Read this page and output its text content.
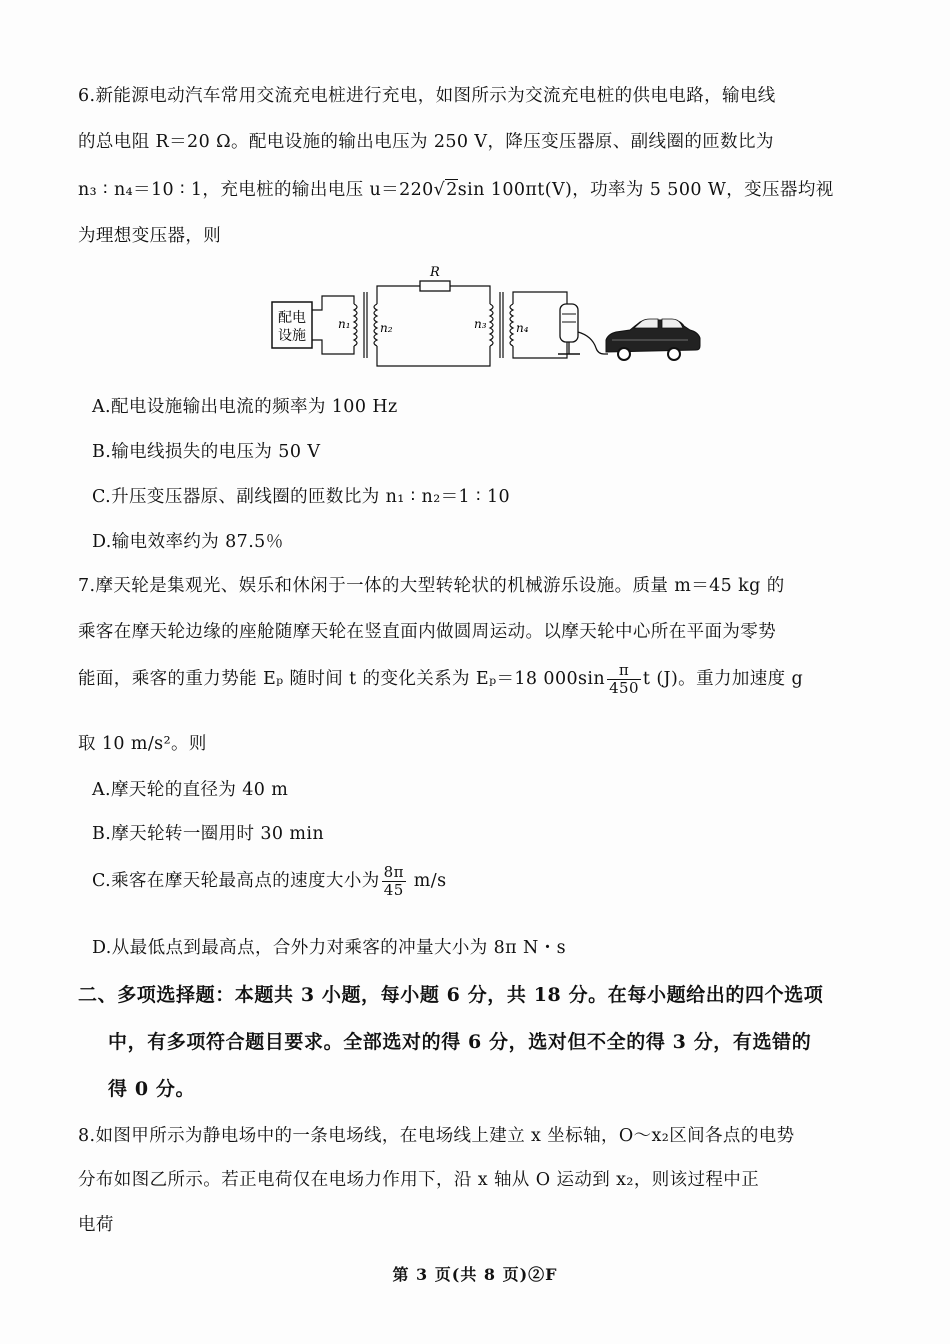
6.新能源电动汽车常用交流充电桩进行充电，如图所示为交流充电桩的供电电路，输电线
的总电阻 R＝20 Ω。配电设施的输出电压为 250 V，降压变压器原、副线圈的匝数比为
n₃ ∶ n₄＝10 ∶ 1，充电桩的输出电压 u＝220√2sin 100πt(V)，功率为 5 500 W，变压器均视
为理想变压器，则
配电
设施
n₁ n₂
R
n₃ n₄
A.配电设施输出电流的频率为 100 Hz
B.输电线损失的电压为 50 V
C.升压变压器原、副线圈的匝数比为 n₁ ∶ n₂＝1 ∶ 10
D.输电效率约为 87.5％
7.摩天轮是集观光、娱乐和休闲于一体的大型转轮状的机械游乐设施。质量 m＝45 kg 的
乘客在摩天轮边缘的座舱随摩天轮在竖直面内做圆周运动。以摩天轮中心所在平面为零势
能面，乘客的重力势能 Eₚ 随时间 t 的变化关系为 Eₚ＝18 $000\sin \frac{\pi}{450}$ t (J)。重力加速度 g
取 10 m/s²。则
A.摩天轮的直径为 40 m
B.摩天轮转一圈用时 30 min
C.乘客在摩天轮最高点的速度大小为 $\frac{8\pi}{45} m/s$
D.从最低点到最高点，合外力对乘客的冲量大小为 8π N・s
二、多项选择题：本题共 3 小题，每小题 6 分，共 18 分。在每小题给出的四个选项
中，有多项符合题目要求。全部选对的得 6 分，选对但不全的得 3 分，有选错的
得 0 分。
8.如图甲所示为静电场中的一条电场线，在电场线上建立 x 坐标轴，O～x₂区间各点的电势
分布如图乙所示。若正电荷仅在电场力作用下，沿 x 轴从 O 运动到 x₂，则该过程中正
电荷
第 3 页(共 8 页)②F
